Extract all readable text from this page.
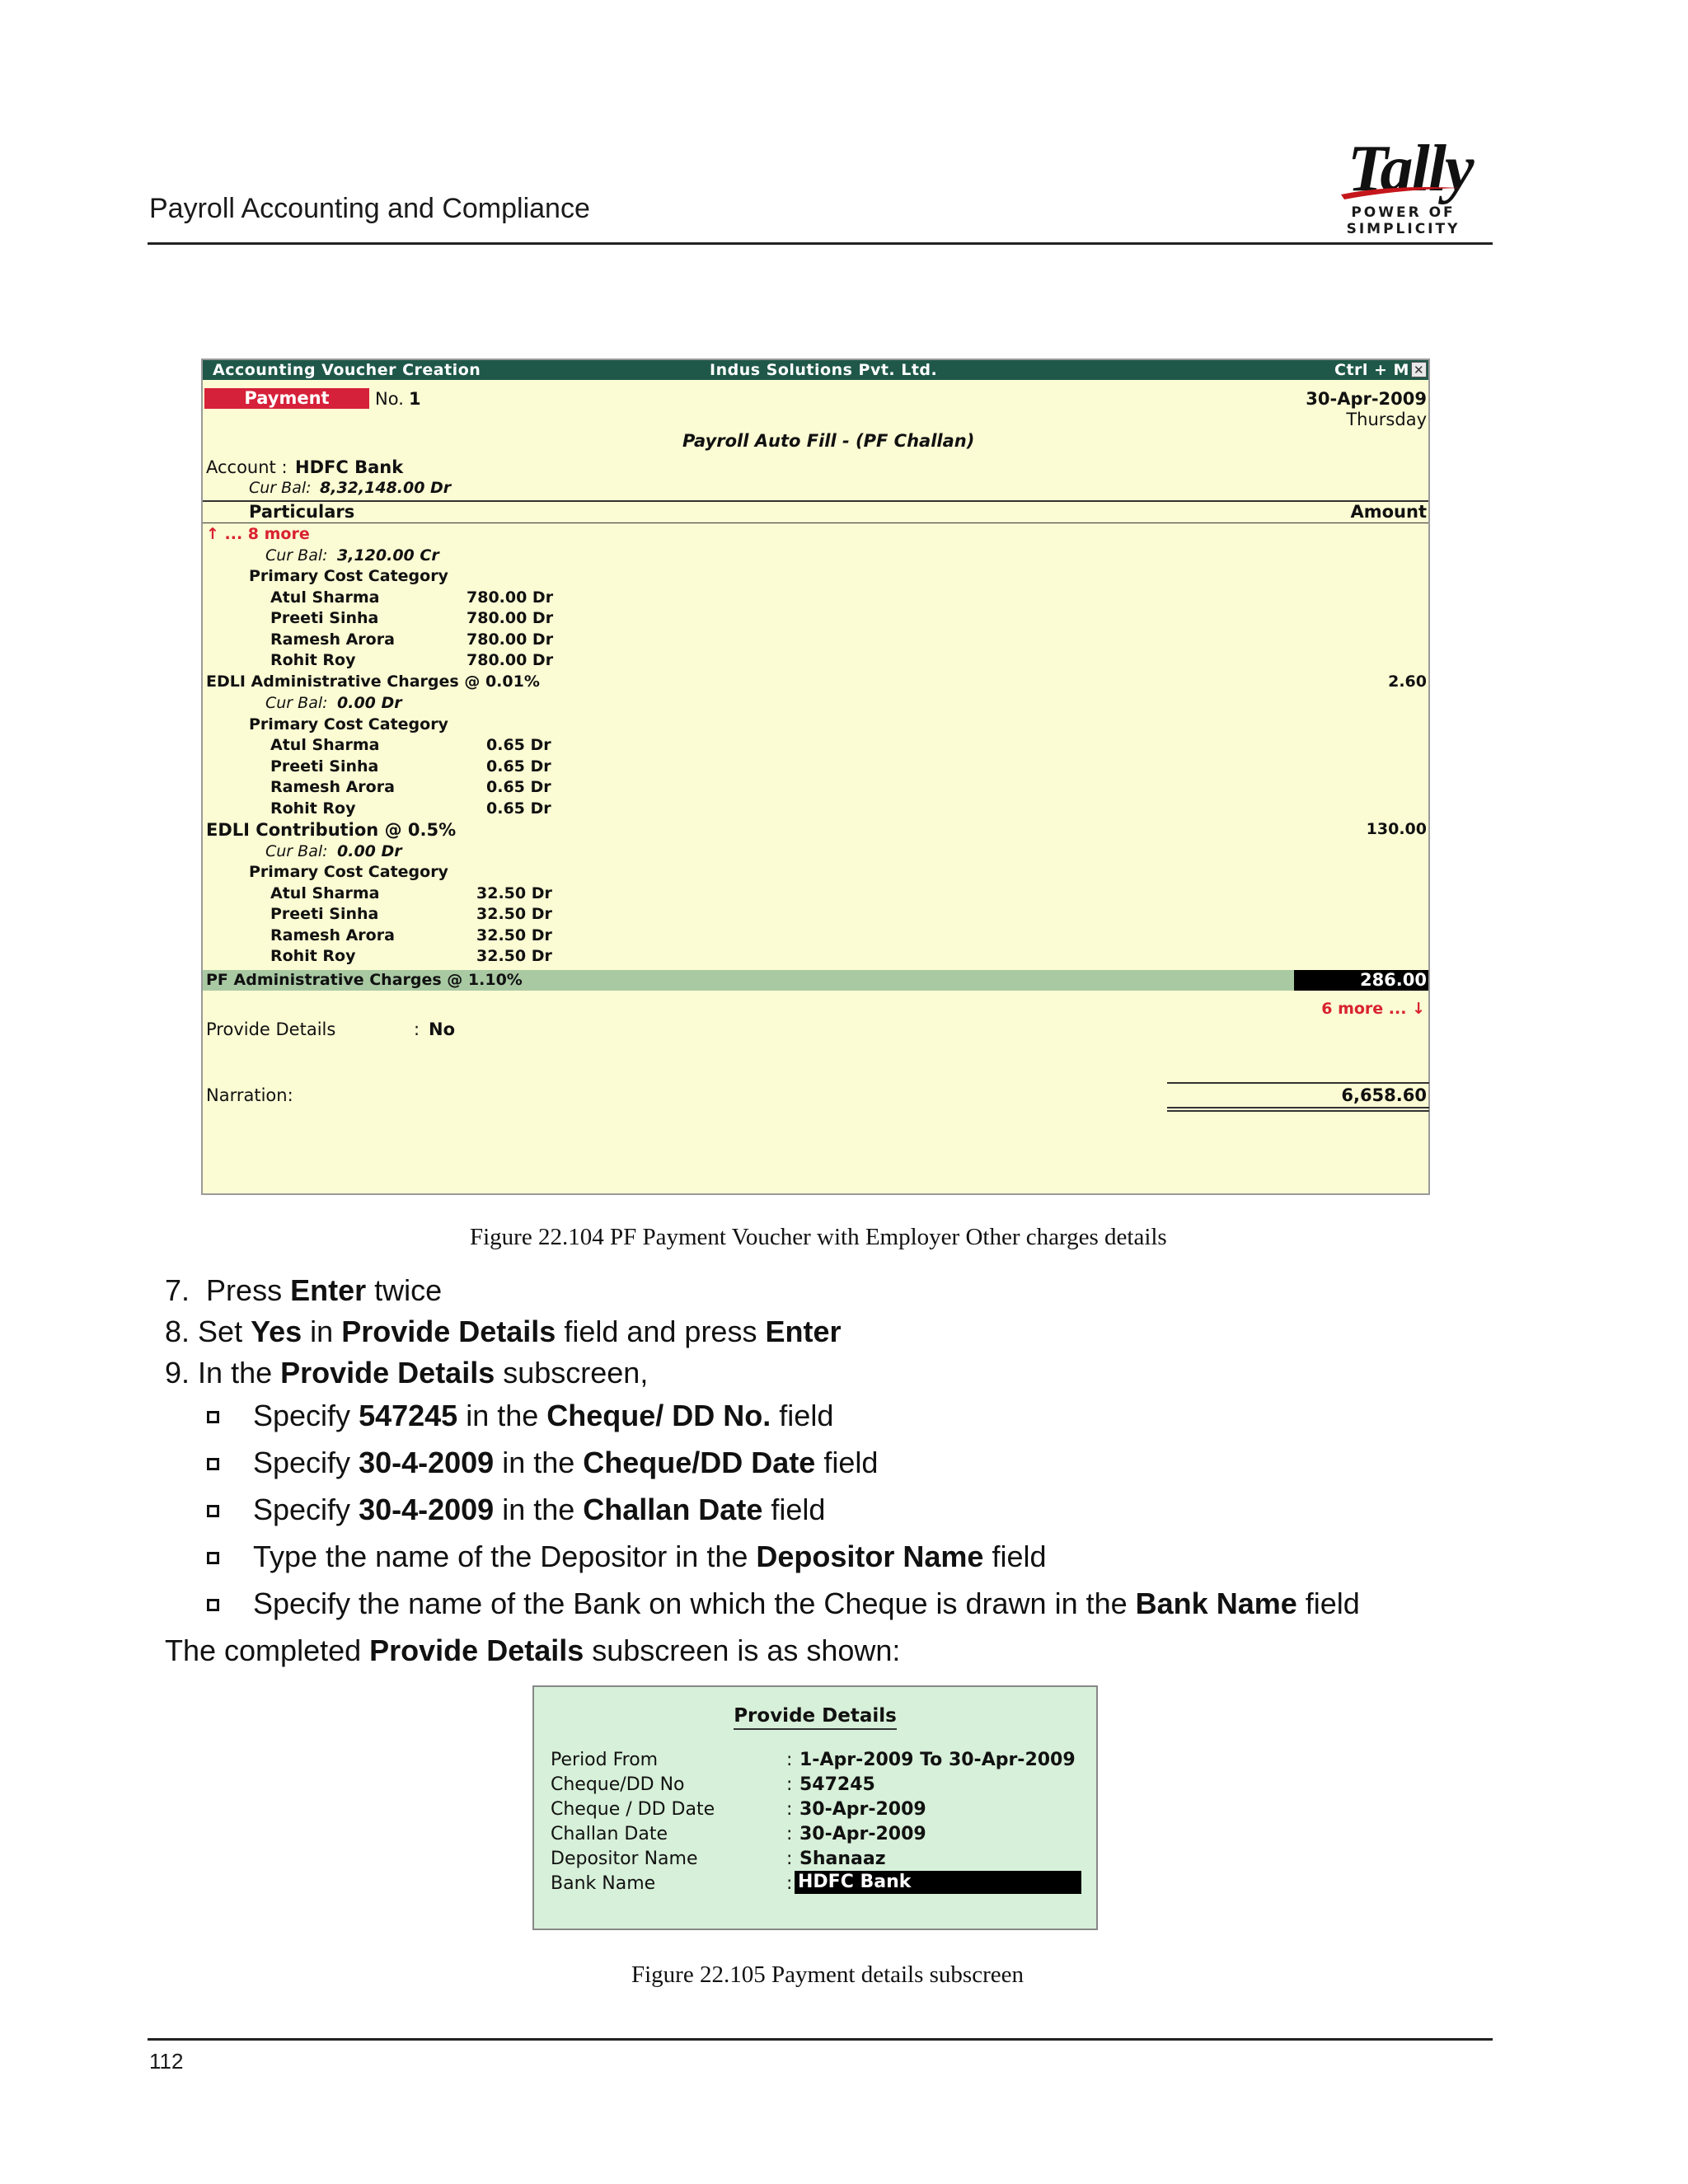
Payroll Accounting and Compliance
Tally
POWER OF SIMPLICITY
Accounting Voucher Creation	Indus Solutions Pvt. Ltd.	Ctrl + M ✕
Payment	No. 1	30-Apr-2009
Thursday
Payroll Auto Fill - (PF Challan)
Account : HDFC Bank
Cur Bal: 8,32,148.00 Dr
Particulars	Amount
↑ ... 8 more
Cur Bal: 3,120.00 Cr
Primary Cost Category
Atul Sharma	780.00 Dr
Preeti Sinha	780.00 Dr
Ramesh Arora	780.00 Dr
Rohit Roy	780.00 Dr
EDLI Administrative Charges @ 0.01%	2.60
Cur Bal: 0.00 Dr
Primary Cost Category
Atul Sharma	0.65 Dr
Preeti Sinha	0.65 Dr
Ramesh Arora	0.65 Dr
Rohit Roy	0.65 Dr
EDLI Contribution @ 0.5%	130.00
Cur Bal: 0.00 Dr
Primary Cost Category
Atul Sharma	32.50 Dr
Preeti Sinha	32.50 Dr
Ramesh Arora	32.50 Dr
Rohit Roy	32.50 Dr
PF Administrative Charges @ 1.10%	286.00
6 more ... ↓
Provide Details	: No
Narration:	6,658.60
Figure 22.104 PF Payment Voucher with Employer Other charges details
7. Press Enter twice
8. Set Yes in Provide Details field and press Enter
9. In the Provide Details subscreen,
Specify 547245 in the Cheque/ DD No. field
Specify 30-4-2009 in the Cheque/DD Date field
Specify 30-4-2009 in the Challan Date field
Type the name of the Depositor in the Depositor Name field
Specify the name of the Bank on which the Cheque is drawn in the Bank Name field
The completed Provide Details subscreen is as shown:
Provide Details
Period From	: 1-Apr-2009 To 30-Apr-2009
Cheque/DD No	: 547245
Cheque / DD Date	: 30-Apr-2009
Challan Date	: 30-Apr-2009
Depositor Name	: Shanaaz
Bank Name	: HDFC Bank
Figure 22.105 Payment details subscreen
112
